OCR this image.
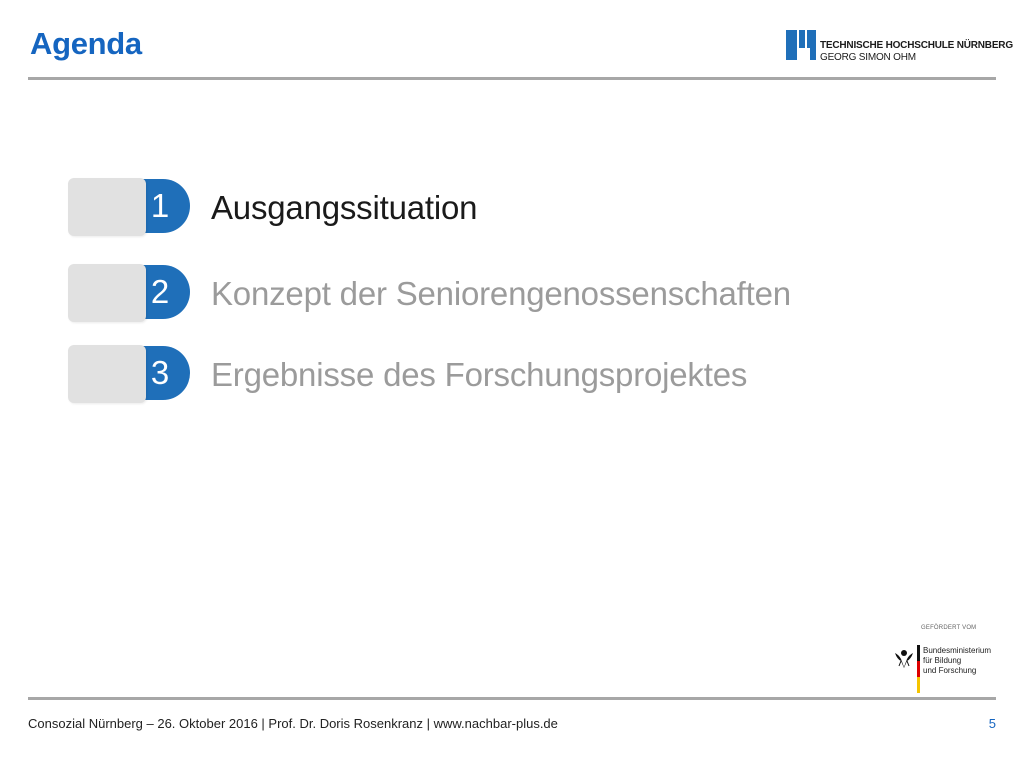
Agenda	TECHNISCHE HOCHSCHULE NÜRNBERG
GEORG SIMON OHM
1	Ausgangssituation
2	Konzept der Seniorengenossenschaften
3	Ergebnisse des Forschungsprojektes
GEFÖRDERT VOM
Bundesministerium
für Bildung
und Forschung
Consozial Nürnberg – 26. Oktober 2016 | Prof. Dr. Doris Rosenkranz | www.nachbar-plus.de	5
